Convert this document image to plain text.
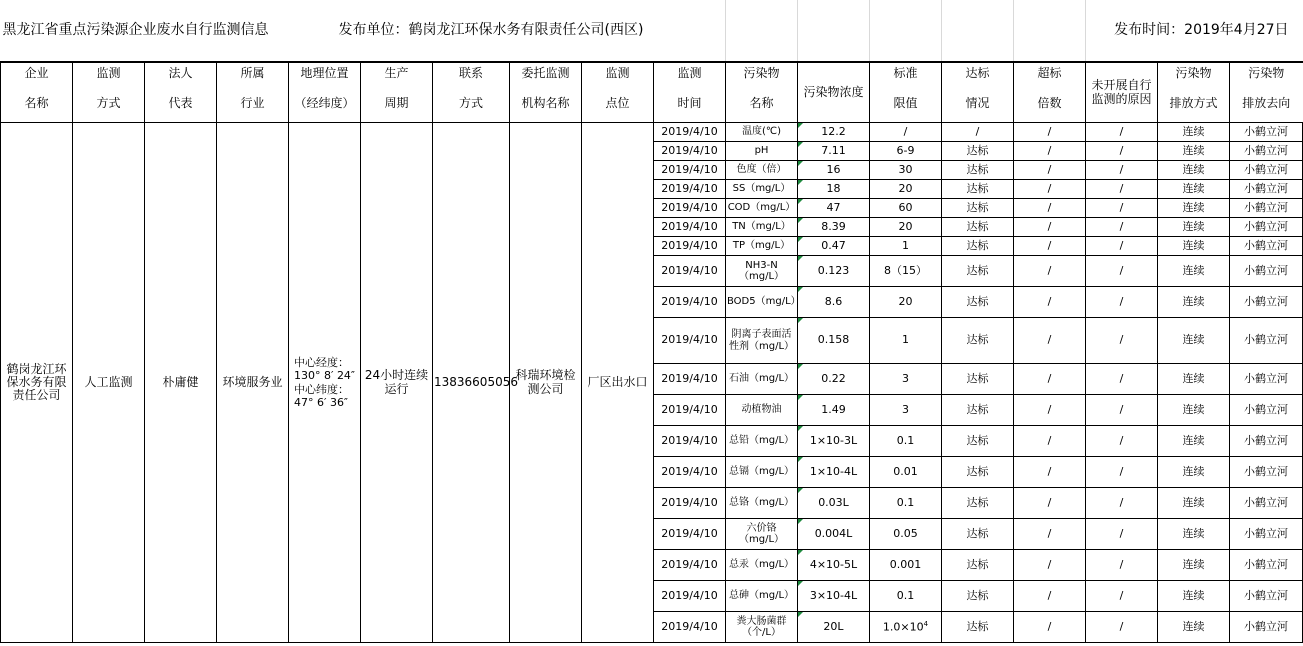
黑龙江省重点污染源企业废水自行监测信息				发布单位：鹤岗龙江环保水务有限责任公司(西区)											发布时间：2019年4月27日		
企业	监测	法人	所属	地理位置	生产	联系	委托监测	监测	监测	污染物	污染物浓度	标准	达标	超标	未开展自行监测的原因	污染物	污染物
名称	方式	代表	行业	（经纬度）	周期	方式	机构名称	点位	时间	名称		限值	情况	倍数		排放方式	排放去向
鹤岗龙江环保水务有限责任公司	人工监测	朴庸健	环境服务业	中心经度：
130° 8′ 24″
中心纬度：
47° 6′ 36″	24小时连续运行	13836605056	科瑞环境检测公司	厂区出水口	2019/4/10	温度(℃)	12.2	/	/	/	/	连续	小鹤立河
									2019/4/10	pH	7.11	6-9	达标	/	/	连续	小鹤立河
									2019/4/10	色度（倍）	16	30	达标	/	/	连续	小鹤立河
									2019/4/10	SS（mg/L）	18	20	达标	/	/	连续	小鹤立河
									2019/4/10	COD（mg/L）	47	60	达标	/	/	连续	小鹤立河
									2019/4/10	TN（mg/L）	8.39	20	达标	/	/	连续	小鹤立河
									2019/4/10	TP（mg/L）	0.47	1	达标	/	/	连续	小鹤立河
									2019/4/10	NH3-N（mg/L）	0.123	8（15）	达标	/	/	连续	小鹤立河
									2019/4/10	BOD5（mg/L）	8.6	20	达标	/	/	连续	小鹤立河
									2019/4/10	阴离子表面活性剂（mg/L）	0.158	1	达标	/	/	连续	小鹤立河
									2019/4/10	石油（mg/L）	0.22	3	达标	/	/	连续	小鹤立河
									2019/4/10	动植物油	1.49	3	达标	/	/	连续	小鹤立河
									2019/4/10	总铅（mg/L）	1×10-3L	0.1	达标	/	/	连续	小鹤立河
									2019/4/10	总镉（mg/L）	1×10-4L	0.01	达标	/	/	连续	小鹤立河
									2019/4/10	总铬（mg/L）	0.03L	0.1	达标	/	/	连续	小鹤立河
									2019/4/10	六价铬（mg/L）	0.004L	0.05	达标	/	/	连续	小鹤立河
									2019/4/10	总汞（mg/L）	4×10-5L	0.001	达标	/	/	连续	小鹤立河
									2019/4/10	总砷（mg/L）	3×10-4L	0.1	达标	/	/	连续	小鹤立河
									2019/4/10	粪大肠菌群（个/L）	20L	$1.0\times 10^4$	达标	/	/	连续	小鹤立河
